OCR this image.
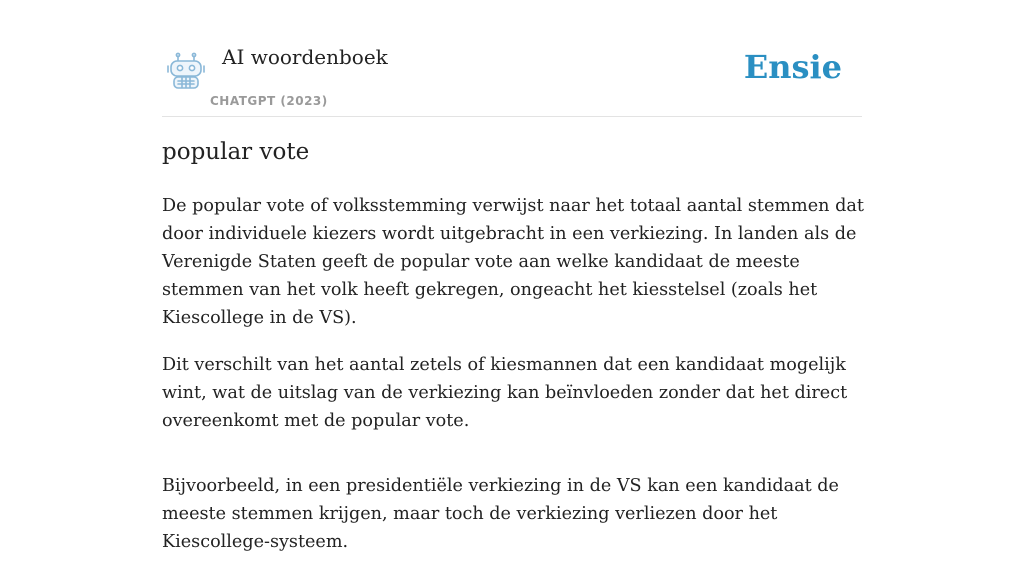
AI woordenboek
CHATGPT (2023)
Ensie
popular vote

De popular vote of volksstemming verwijst naar het totaal aantal stemmen dat door individuele kiezers wordt uitgebracht in een verkiezing. In landen als de Verenigde Staten geeft de popular vote aan welke kandidaat de meeste stemmen van het volk heeft gekregen, ongeacht het kiesstelsel (zoals het Kiescollege in de VS).

Dit verschilt van het aantal zetels of kiesmannen dat een kandidaat mogelijk wint, wat de uitslag van de verkiezing kan beïnvloeden zonder dat het direct overeenkomt met de popular vote.

Bijvoorbeeld, in een presidentiële verkiezing in de VS kan een kandidaat de meeste stemmen krijgen, maar toch de verkiezing verliezen door het Kiescollege-systeem.
